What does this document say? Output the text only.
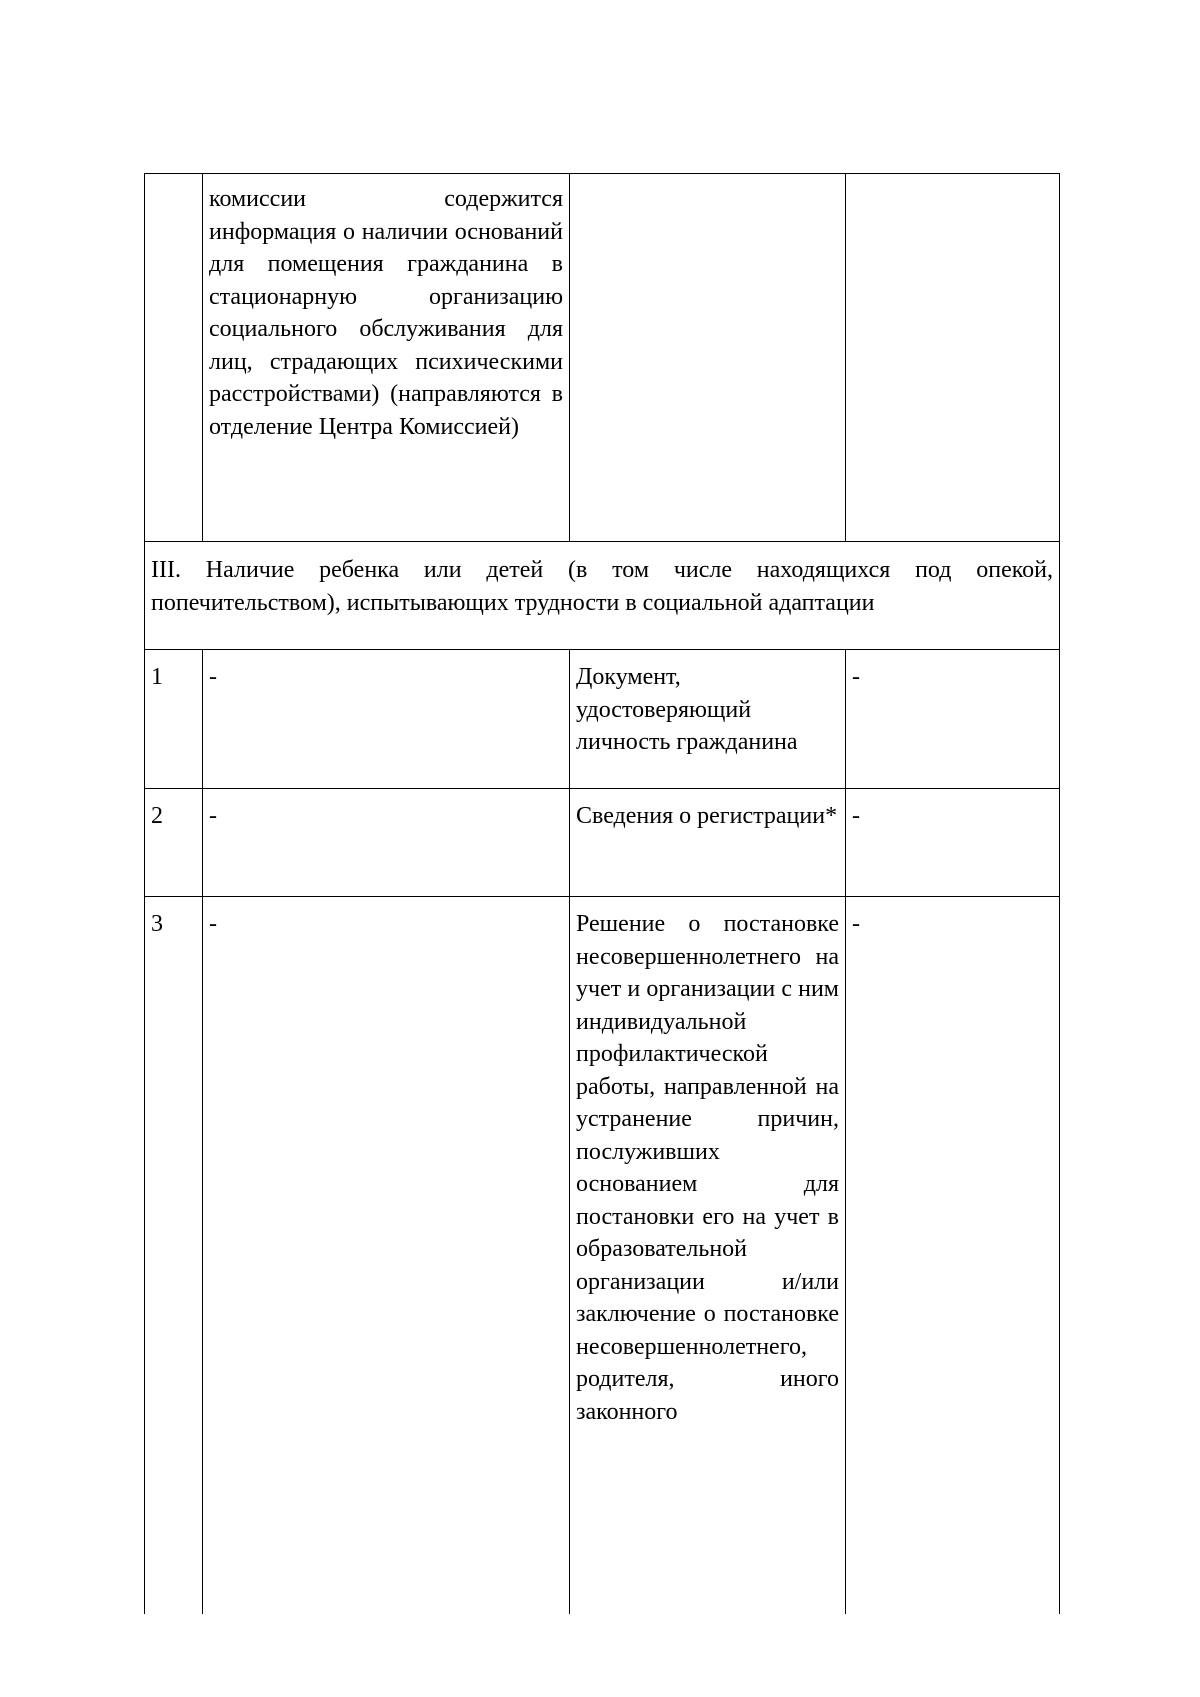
	комиссии содержится информация о наличии оснований для помещения гражданина в стационарную организацию социального обслуживания для лиц, страдающих психическими расстройствами) (направляются в отделение Центра Комиссией)		
III. Наличие ребенка или детей (в том числе находящихся под опекой, попечительством), испытывающих трудности в социальной адаптации			
1	-	Документ, удостоверяющий личность гражданина	-
2	-	Сведения о регистрации*	-
3	-	Решение о постановке несовершеннолетнего на учет и организации с ним индивидуальной профилактической работы, направленной на устранение причин, послуживших основанием для постановки его на учет в образовательной организации и/или заключение о постановке несовершеннолетнего, родителя, иного законного	-
